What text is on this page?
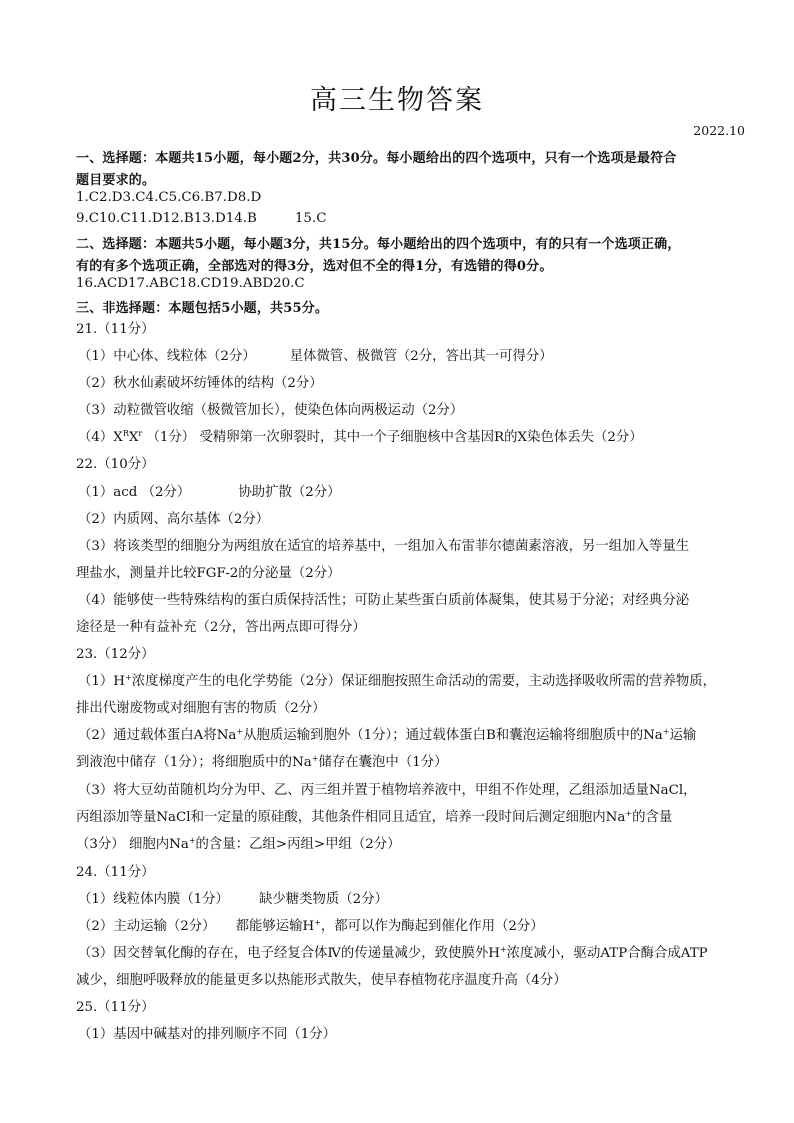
高三生物答案
2022.10
一、选择题：本题共15小题，每小题2分，共30分。每小题给出的四个选项中，只有一个选项是最符合
题目要求的。
1.C2.D3.C4.C5.C6.B7.D8.D
9.C10.C11.D12.B13.D14.B	15.C
二、选择题：本题共5小题，每小题3分，共15分。每小题给出的四个选项中，有的只有一个选项正确，
有的有多个选项正确，全部选对的得3分，选对但不全的得1分，有选错的得0分。
16.ACD17.ABC18.CD19.ABD20.C
三、非选择题：本题包括5小题，共55分。
21.（11分）
（1）中心体、线粒体（2分）	星体微管、极微管（2分，答出其一可得分）
（2）秋水仙素破坏纺锤体的结构（2分）
（3）动粒微管收缩（极微管加长），使染色体向两极运动（2分）
$(4)X^RX^r$ （1分） 受精卵第一次卵裂时，其中一个子细胞核中含基因R的X染色体丢失（2分）
22.（10分）
（1）acd （2分）	协助扩散（2分）
（2）内质网、高尔基体（2分）
（3）将该类型的细胞分为两组放在适宜的培养基中，一组加入布雷菲尔德菌素溶液，另一组加入等量生
理盐水，测量并比较FGF-2的分泌量（2分）
（4）能够使一些特殊结构的蛋白质保持活性；可防止某些蛋白质前体凝集，使其易于分泌；对经典分泌
途径是一种有益补充（2分，答出两点即可得分）
23.（12分）
（1）H+浓度梯度产生的电化学势能（2分）保证细胞按照生命活动的需要，主动选择吸收所需的营养物质，
排出代谢废物或对细胞有害的物质（2分）
（2）通过载体蛋白A将Na+从胞质运输到胞外（1分）；通过载体蛋白B和囊泡运输将细胞质中的Na+运输
到液泡中储存（1分）；将细胞质中的Na+储存在囊泡中（1分）
（3）将大豆幼苗随机均分为甲、乙、丙三组并置于植物培养液中，甲组不作处理，乙组添加适量NaCl，
丙组添加等量NaCl和一定量的原硅酸，其他条件相同且适宜，培养一段时间后测定细胞内Na+的含量
（3分） 细胞内Na+的含量：乙组>丙组>甲组（2分）
24.（11分）
（1）线粒体内膜（1分） 缺少糖类物质（2分）
（2）主动运输（2分） 都能够运输H+，都可以作为酶起到催化作用（2分）
（3）因交替氧化酶的存在，电子经复合体Ⅳ的传递量减少，致使膜外H+浓度减小，驱动ATP合酶合成ATP
减少，细胞呼吸释放的能量更多以热能形式散失，使早春植物花序温度升高（4分）
25.（11分）
（1）基因中碱基对的排列顺序不同（1分）
